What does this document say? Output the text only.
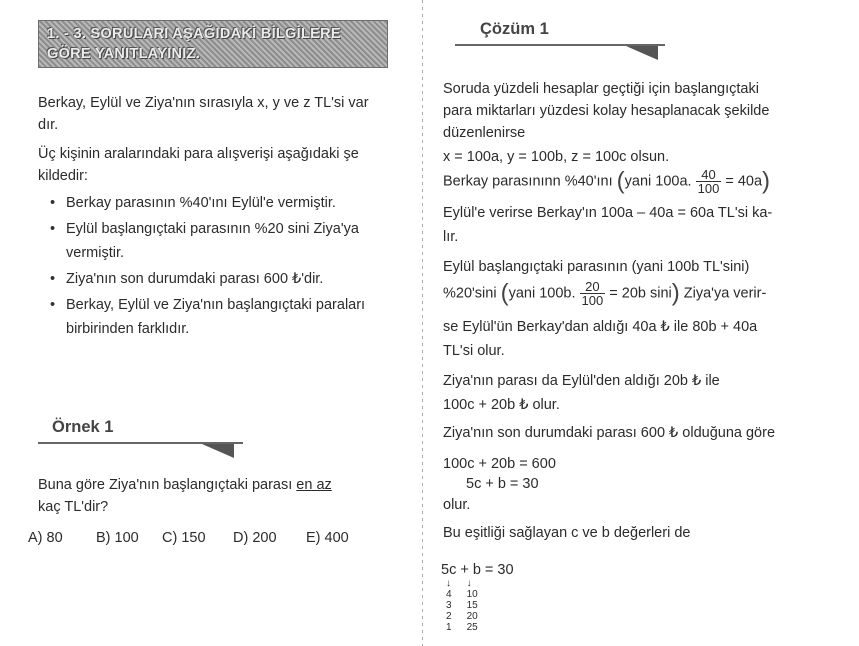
1. - 3. SORULARI AŞAĞIDAKİ BİLGİLERE GÖRE YANITLAYINIZ.
Berkay, Eylül ve Ziya'nın sırasıyla x, y ve z TL'si var
dır.
Üç kişinin aralarındaki para alışverişi aşağıdaki şe
kildedir:
• Berkay parasının %40'ını Eylül'e vermiştir.
• Eylül başlangıçtaki parasının %20 sini Ziya'ya vermiştir.
• Ziya'nın son durumdaki parası 600 ₺'dir.
• Berkay, Eylül ve Ziya'nın başlangıçtaki paraları birbirinden farklıdır.
Örnek 1
Buna göre Ziya'nın başlangıçtaki parası en az
kaç TL'dir?
A) 80 B) 100 C) 150 D) 200 E) 400
Çözüm 1
Soruda yüzdeli hesaplar geçtiği için başlangıçtaki
para miktarları yüzdesi kolay hesaplanacak şekilde
düzenlenirse
x = 100a, y = 100b, z = 100c olsun.
Berkay parasınınn %40'ını (yani 100a. $\frac{40}{100} = 40a$)
Eylül'e verirse Berkay'ın 100a – 40a = 60a TL'si ka-
lır.
Eylül başlangıçtaki parasının (yani 100b TL'sini)
%20'sini (yani 100b. $\frac{20}{100} = 20b$ sini) Ziya'ya verir-
se Eylül'ün Berkay'dan aldığı 40a ₺ ile 80b + 40a
TL'si olur.
Ziya'nın parası da Eylül'den aldığı 20b ₺ ile
100c + 20b ₺ olur.
Ziya'nın son durumdaki parası 600 ₺ olduğuna göre
100c + 20b = 600
5c + b = 30
olur.
Bu eşitliği sağlayan c ve b değerleri de
5c + b = 30
↓	↓
4	10
3	15
2	20
1	25
